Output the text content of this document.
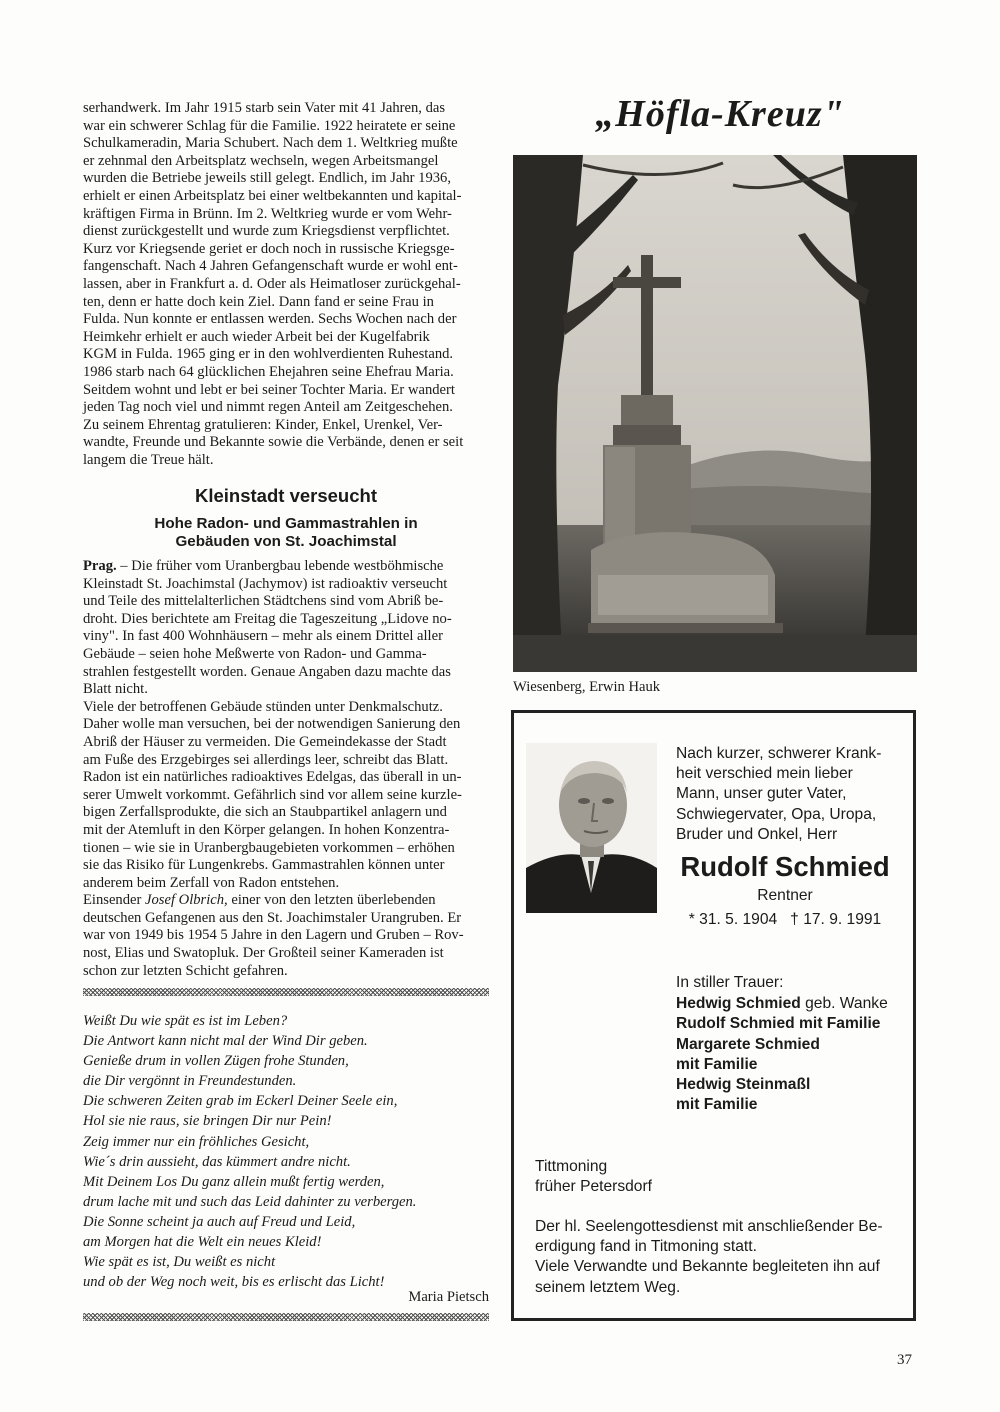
serhandwerk. Im Jahr 1915 starb sein Vater mit 41 Jahren, das
war ein schwerer Schlag für die Familie. 1922 heiratete er seine
Schulkameradin, Maria Schubert. Nach dem 1. Weltkrieg mußte
er zehnmal den Arbeitsplatz wechseln, wegen Arbeitsmangel
wurden die Betriebe jeweils still gelegt. Endlich, im Jahr 1936,
erhielt er einen Arbeitsplatz bei einer weltbekannten und kapital-
kräftigen Firma in Brünn. Im 2. Weltkrieg wurde er vom Wehr-
dienst zurückgestellt und wurde zum Kriegsdienst verpflichtet.
Kurz vor Kriegsende geriet er doch noch in russische Kriegsge-
fangenschaft. Nach 4 Jahren Gefangenschaft wurde er wohl ent-
lassen, aber in Frankfurt a. d. Oder als Heimatloser zurückgehal-
ten, denn er hatte doch kein Ziel. Dann fand er seine Frau in
Fulda. Nun konnte er entlassen werden. Sechs Wochen nach der
Heimkehr erhielt er auch wieder Arbeit bei der Kugelfabrik
KGM in Fulda. 1965 ging er in den wohlverdienten Ruhestand.
1986 starb nach 64 glücklichen Ehejahren seine Ehefrau Maria.
Seitdem wohnt und lebt er bei seiner Tochter Maria. Er wandert
jeden Tag noch viel und nimmt regen Anteil am Zeitgeschehen.
Zu seinem Ehrentag gratulieren: Kinder, Enkel, Urenkel, Ver-
wandte, Freunde und Bekannte sowie die Verbände, denen er seit
langem die Treue hält.
Kleinstadt verseucht
Hohe Radon- und Gammastrahlen in
Gebäuden von St. Joachimstal
Prag. – Die früher vom Uranbergbau lebende westböhmische
Kleinstadt St. Joachimstal (Jachymov) ist radioaktiv verseucht
und Teile des mittelalterlichen Städtchens sind vom Abriß be-
droht. Dies berichtete am Freitag die Tageszeitung „Lidove no-
viny". In fast 400 Wohnhäusern – mehr als einem Drittel aller
Gebäude – seien hohe Meßwerte von Radon- und Gamma-
strahlen festgestellt worden. Genaue Angaben dazu machte das
Blatt nicht.
Viele der betroffenen Gebäude stünden unter Denkmalschutz.
Daher wolle man versuchen, bei der notwendigen Sanierung den
Abriß der Häuser zu vermeiden. Die Gemeindekasse der Stadt
am Fuße des Erzgebirges sei allerdings leer, schreibt das Blatt.
Radon ist ein natürliches radioaktives Edelgas, das überall in un-
serer Umwelt vorkommt. Gefährlich sind vor allem seine kurzle-
bigen Zerfallsprodukte, die sich an Staubpartikel anlagern und
mit der Atemluft in den Körper gelangen. In hohen Konzentra-
tionen – wie sie in Uranbergbaugebieten vorkommen – erhöhen
sie das Risiko für Lungenkrebs. Gammastrahlen können unter
anderem beim Zerfall von Radon entstehen.
Einsender Josef Olbrich, einer von den letzten überlebenden
deutschen Gefangenen aus den St. Joachimstaler Urangruben. Er
war von 1949 bis 1954 5 Jahre in den Lagern und Gruben – Rov-
nost, Elias und Swatopluk. Der Großteil seiner Kameraden ist
schon zur letzten Schicht gefahren.
Weißt Du wie spät es ist im Leben?
Die Antwort kann nicht mal der Wind Dir geben.
Genieße drum in vollen Zügen frohe Stunden,
die Dir vergönnt in Freundestunden.
Die schweren Zeiten grab im Eckerl Deiner Seele ein,
Hol sie nie raus, sie bringen Dir nur Pein!
Zeig immer nur ein fröhliches Gesicht,
Wie´s drin aussieht, das kümmert andre nicht.
Mit Deinem Los Du ganz allein mußt fertig werden,
drum lache mit und such das Leid dahinter zu verbergen.
Die Sonne scheint ja auch auf Freud und Leid,
am Morgen hat die Welt ein neues Kleid!
Wie spät es ist, Du weißt es nicht
und ob der Weg noch weit, bis es erlischt das Licht!
Maria Pietsch
„Höfla-Kreuz"
Wiesenberg, Erwin Hauk
Nach kurzer, schwerer Krank-
heit verschied mein lieber
Mann, unser guter Vater,
Schwiegervater, Opa, Uropa,
Bruder und Onkel, Herr
Rudolf Schmied
Rentner
* 31. 5. 1904   † 17. 9. 1991
In stiller Trauer:
Hedwig Schmied geb. Wanke
Rudolf Schmied mit Familie
Margarete Schmied
mit Familie
Hedwig Steinmaßl
mit Familie
Tittmoning
früher Petersdorf
Der hl. Seelengottesdienst mit anschließender Be-
erdigung fand in Titmoning statt.
Viele Verwandte und Bekannte begleiteten ihn auf
seinem letztem Weg.
37
